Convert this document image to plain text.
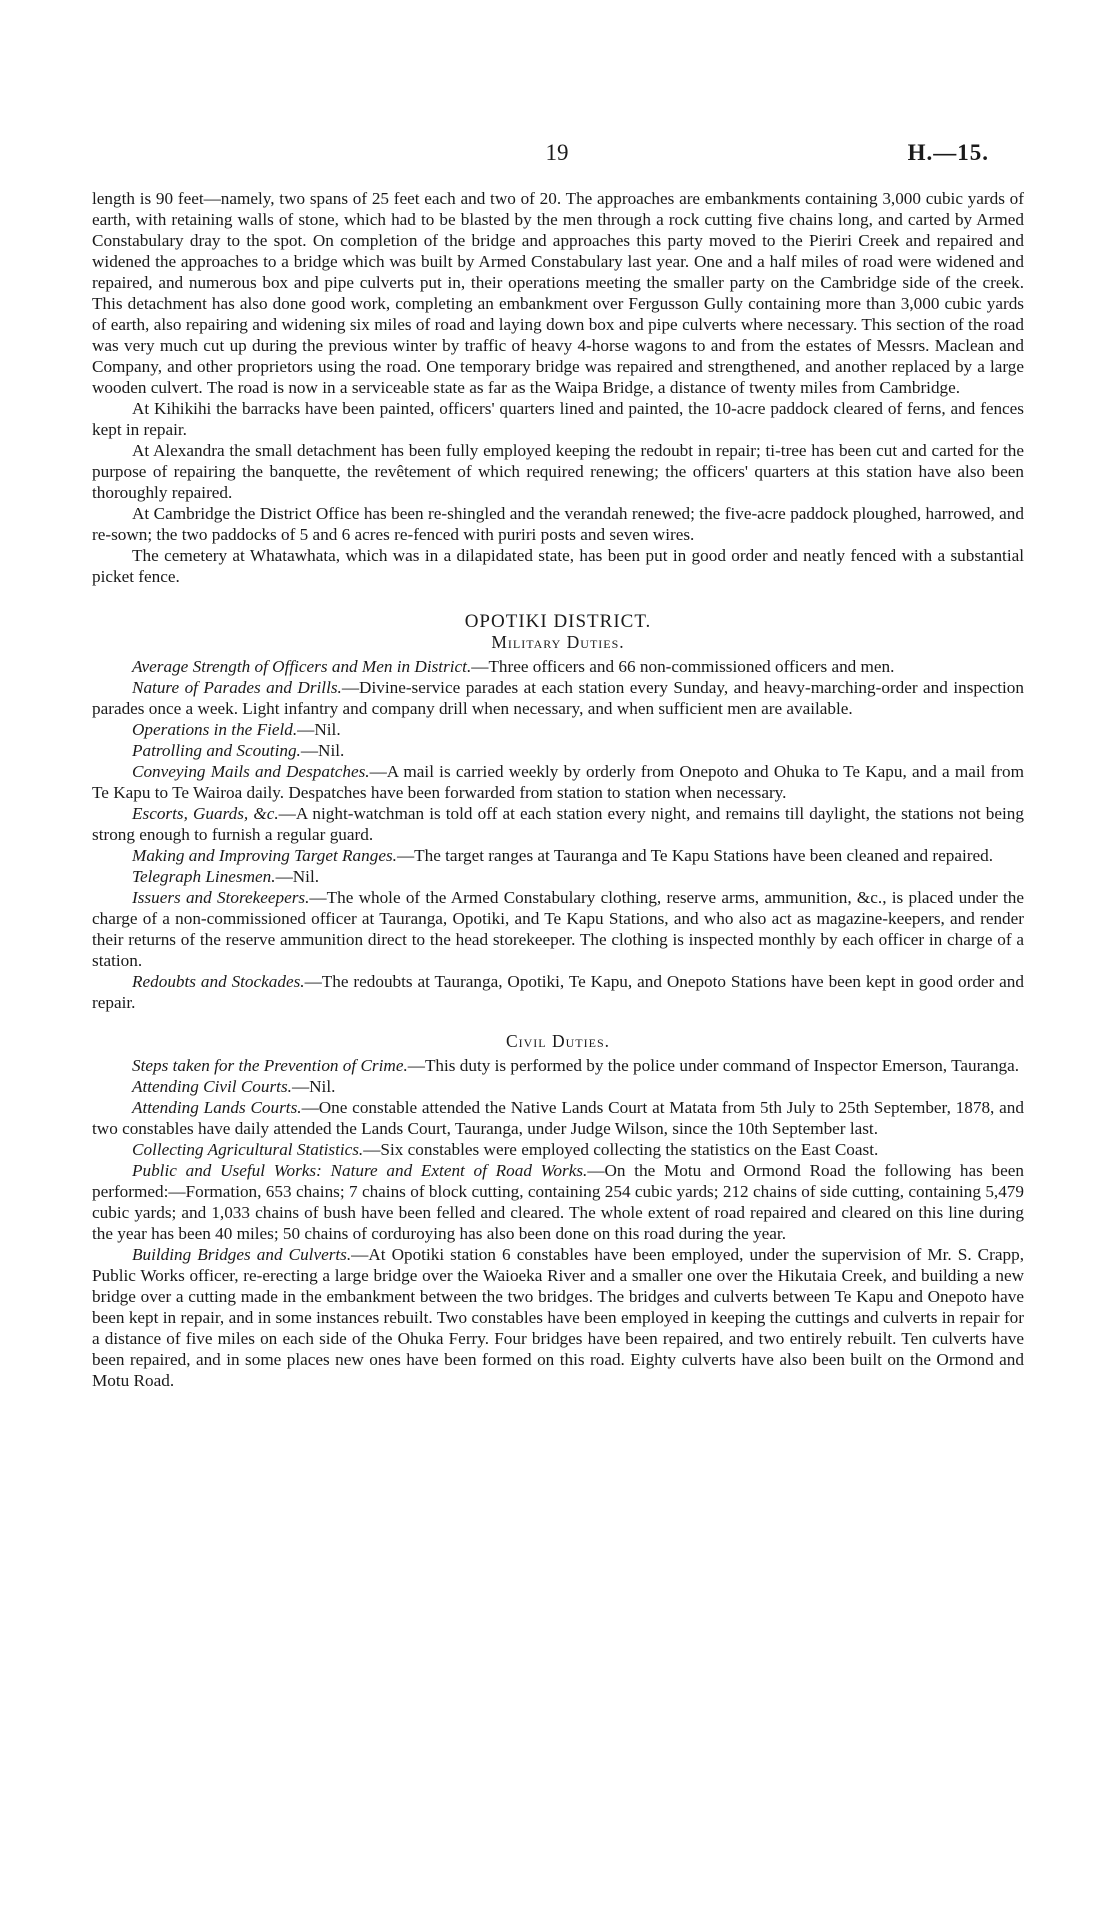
19	H.—15.

length is 90 feet—namely, two spans of 25 feet each and two of 20. The approaches are embankments containing 3,000 cubic yards of earth, with retaining walls of stone, which had to be blasted by the men through a rock cutting five chains long, and carted by Armed Constabulary dray to the spot. On completion of the bridge and approaches this party moved to the Pieriri Creek and repaired and widened the approaches to a bridge which was built by Armed Constabulary last year. One and a half miles of road were widened and repaired, and numerous box and pipe culverts put in, their operations meeting the smaller party on the Cambridge side of the creek. This detachment has also done good work, completing an embankment over Fergusson Gully containing more than 3,000 cubic yards of earth, also repairing and widening six miles of road and laying down box and pipe culverts where necessary. This section of the road was very much cut up during the previous winter by traffic of heavy 4-horse wagons to and from the estates of Messrs. Maclean and Company, and other proprietors using the road. One temporary bridge was repaired and strengthened, and another replaced by a large wooden culvert. The road is now in a serviceable state as far as the Waipa Bridge, a distance of twenty miles from Cambridge.

At Kihikihi the barracks have been painted, officers' quarters lined and painted, the 10-acre paddock cleared of ferns, and fences kept in repair.

At Alexandra the small detachment has been fully employed keeping the redoubt in repair; ti-tree has been cut and carted for the purpose of repairing the banquette, the revêtement of which required renewing; the officers' quarters at this station have also been thoroughly repaired.

At Cambridge the District Office has been re-shingled and the verandah renewed; the five-acre paddock ploughed, harrowed, and re-sown; the two paddocks of 5 and 6 acres re-fenced with puriri posts and seven wires.

The cemetery at Whatawhata, which was in a dilapidated state, has been put in good order and neatly fenced with a substantial picket fence.

OPOTIKI DISTRICT.

Military Duties.

Average Strength of Officers and Men in District.—Three officers and 66 non-commissioned officers and men.

Nature of Parades and Drills.—Divine-service parades at each station every Sunday, and heavy-marching-order and inspection parades once a week. Light infantry and company drill when necessary, and when sufficient men are available.

Operations in the Field.—Nil.

Patrolling and Scouting.—Nil.

Conveying Mails and Despatches.—A mail is carried weekly by orderly from Onepoto and Ohuka to Te Kapu, and a mail from Te Kapu to Te Wairoa daily. Despatches have been forwarded from station to station when necessary.

Escorts, Guards, &c.—A night-watchman is told off at each station every night, and remains till daylight, the stations not being strong enough to furnish a regular guard.

Making and Improving Target Ranges.—The target ranges at Tauranga and Te Kapu Stations have been cleaned and repaired.

Telegraph Linesmen.—Nil.

Issuers and Storekeepers.—The whole of the Armed Constabulary clothing, reserve arms, ammunition, &c., is placed under the charge of a non-commissioned officer at Tauranga, Opotiki, and Te Kapu Stations, and who also act as magazine-keepers, and render their returns of the reserve ammunition direct to the head storekeeper. The clothing is inspected monthly by each officer in charge of a station.

Redoubts and Stockades.—The redoubts at Tauranga, Opotiki, Te Kapu, and Onepoto Stations have been kept in good order and repair.

Civil Duties.

Steps taken for the Prevention of Crime.—This duty is performed by the police under command of Inspector Emerson, Tauranga.

Attending Civil Courts.—Nil.

Attending Lands Courts.—One constable attended the Native Lands Court at Matata from 5th July to 25th September, 1878, and two constables have daily attended the Lands Court, Tauranga, under Judge Wilson, since the 10th September last.

Collecting Agricultural Statistics.—Six constables were employed collecting the statistics on the East Coast.

Public and Useful Works: Nature and Extent of Road Works.—On the Motu and Ormond Road the following has been performed:—Formation, 653 chains; 7 chains of block cutting, containing 254 cubic yards; 212 chains of side cutting, containing 5,479 cubic yards; and 1,033 chains of bush have been felled and cleared. The whole extent of road repaired and cleared on this line during the year has been 40 miles; 50 chains of corduroying has also been done on this road during the year.

Building Bridges and Culverts.—At Opotiki station 6 constables have been employed, under the supervision of Mr. S. Crapp, Public Works officer, re-erecting a large bridge over the Waioeka River and a smaller one over the Hikutaia Creek, and building a new bridge over a cutting made in the embankment between the two bridges. The bridges and culverts between Te Kapu and Onepoto have been kept in repair, and in some instances rebuilt. Two constables have been employed in keeping the cuttings and culverts in repair for a distance of five miles on each side of the Ohuka Ferry. Four bridges have been repaired, and two entirely rebuilt. Ten culverts have been repaired, and in some places new ones have been formed on this road. Eighty culverts have also been built on the Ormond and Motu Road.
